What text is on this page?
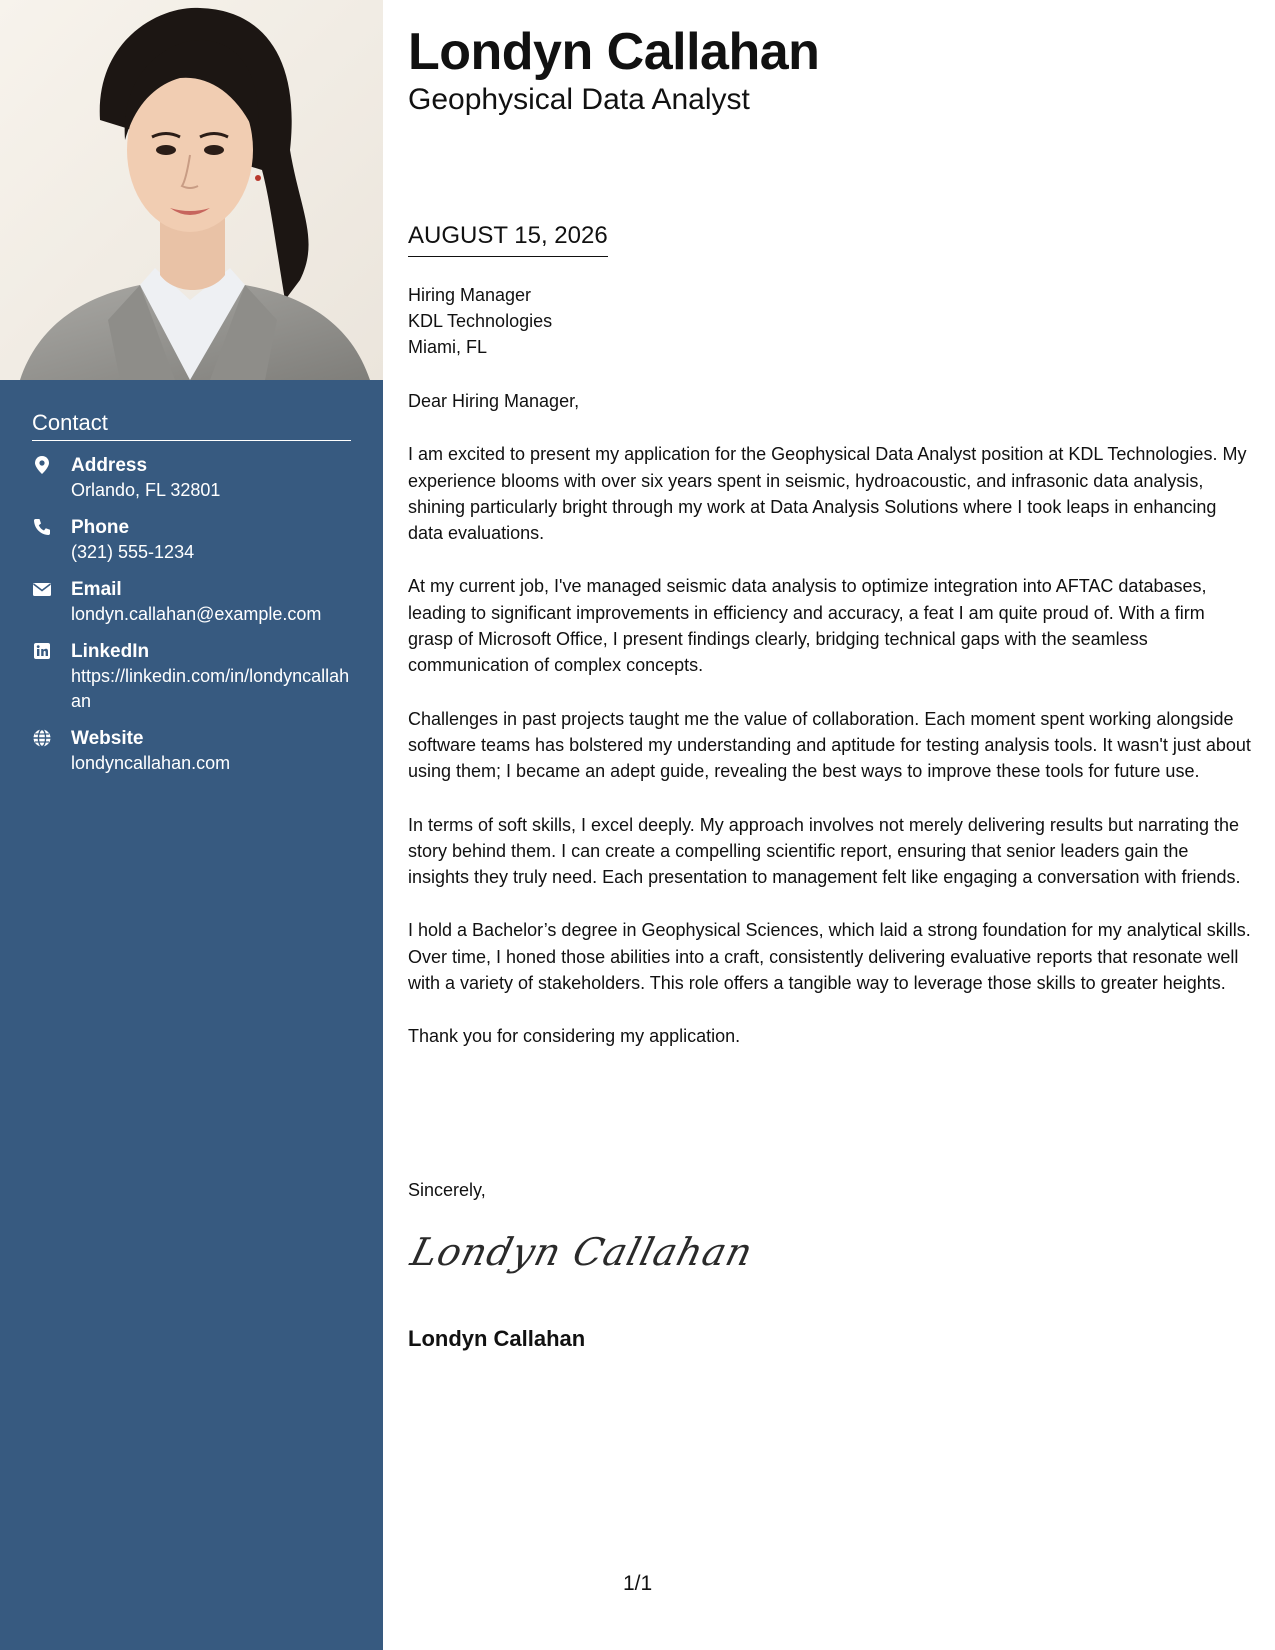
Contact
Address
Orlando, FL 32801
Phone
(321) 555-1234
Email
londyn.callahan@example.com
LinkedIn
https://linkedin.com/in/londyncallahan
Website
londyncallahan.com
Londyn Callahan
Geophysical Data Analyst
AUGUST 15, 2026
Hiring Manager
KDL Technologies
Miami, FL

Dear Hiring Manager,

I am excited to present my application for the Geophysical Data Analyst position at KDL Technologies. My experience blooms with over six years spent in seismic, hydroacoustic, and infrasonic data analysis, shining particularly bright through my work at Data Analysis Solutions where I took leaps in enhancing data evaluations.

At my current job, I've managed seismic data analysis to optimize integration into AFTAC databases, leading to significant improvements in efficiency and accuracy, a feat I am quite proud of. With a firm grasp of Microsoft Office, I present findings clearly, bridging technical gaps with the seamless communication of complex concepts.

Challenges in past projects taught me the value of collaboration. Each moment spent working alongside software teams has bolstered my understanding and aptitude for testing analysis tools. It wasn't just about using them; I became an adept guide, revealing the best ways to improve these tools for future use.

In terms of soft skills, I excel deeply. My approach involves not merely delivering results but narrating the story behind them. I can create a compelling scientific report, ensuring that senior leaders gain the insights they truly need. Each presentation to management felt like engaging a conversation with friends.

I hold a Bachelor’s degree in Geophysical Sciences, which laid a strong foundation for my analytical skills. Over time, I honed those abilities into a craft, consistently delivering evaluative reports that resonate well with a variety of stakeholders. This role offers a tangible way to leverage those skills to greater heights.

Thank you for considering my application.

Sincerely,
Londyn Callahan
Londyn Callahan
1/1
